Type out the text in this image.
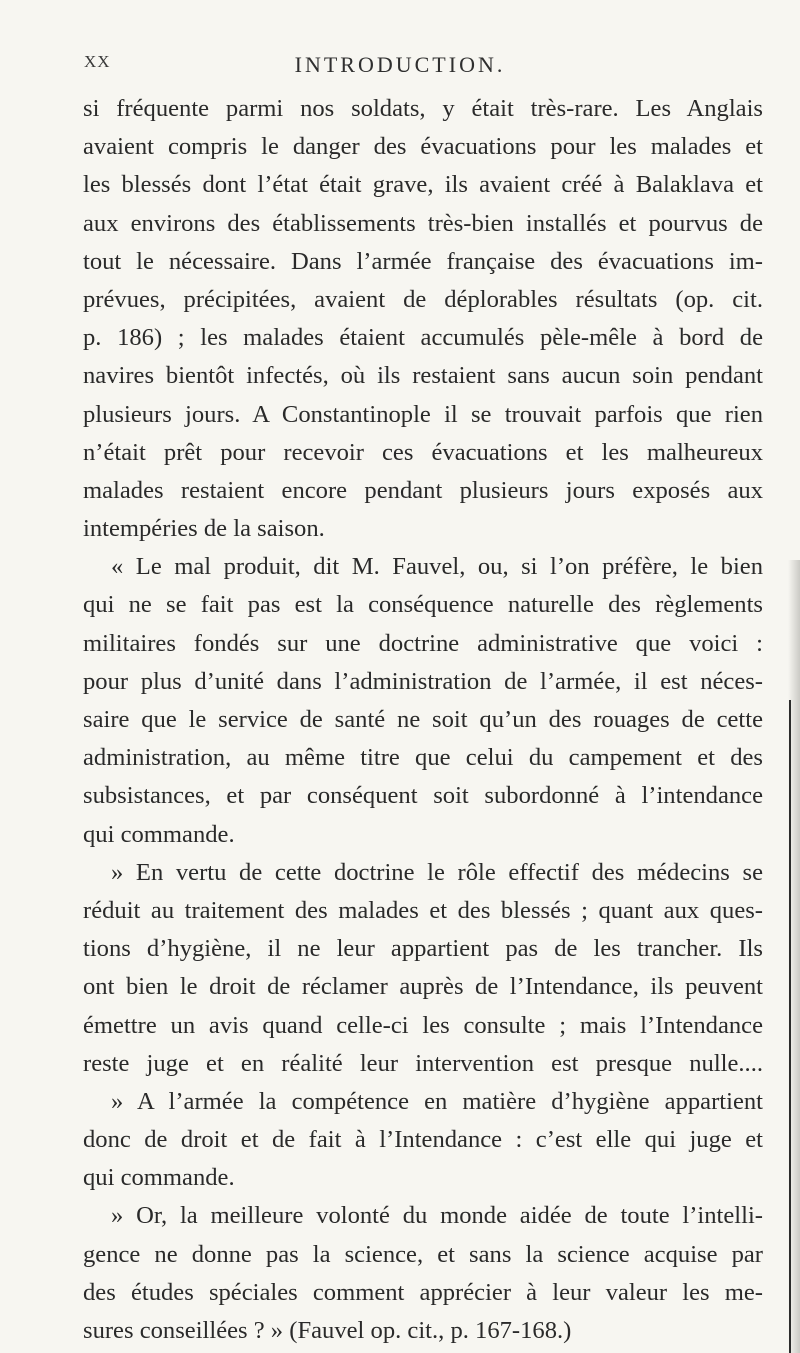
XX	INTRODUCTION.
si fréquente parmi nos soldats, y était très-rare. Les Anglais
avaient compris le danger des évacuations pour les malades et
les blessés dont l’état était grave, ils avaient créé à Balaklava et
aux environs des établissements très-bien installés et pourvus de
tout le nécessaire. Dans l’armée française des évacuations im-
prévues, précipitées, avaient de déplorables résultats (op. cit.
p. 186) ; les malades étaient accumulés pèle-mêle à bord de
navires bientôt infectés, où ils restaient sans aucun soin pendant
plusieurs jours. A Constantinople il se trouvait parfois que rien
n’était prêt pour recevoir ces évacuations et les malheureux
malades restaient encore pendant plusieurs jours exposés aux
intempéries de la saison.
« Le mal produit, dit M. Fauvel, ou, si l’on préfère, le bien
qui ne se fait pas est la conséquence naturelle des règlements
militaires fondés sur une doctrine administrative que voici :
pour plus d’unité dans l’administration de l’armée, il est néces-
saire que le service de santé ne soit qu’un des rouages de cette
administration, au même titre que celui du campement et des
subsistances, et par conséquent soit subordonné à l’intendance
qui commande.
» En vertu de cette doctrine le rôle effectif des médecins se
réduit au traitement des malades et des blessés ; quant aux ques-
tions d’hygiène, il ne leur appartient pas de les trancher. Ils
ont bien le droit de réclamer auprès de l’Intendance, ils peuvent
émettre un avis quand celle-ci les consulte ; mais l’Intendance
reste juge et en réalité leur intervention est presque nulle....
» A l’armée la compétence en matière d’hygiène appartient
donc de droit et de fait à l’Intendance : c’est elle qui juge et
qui commande.
» Or, la meilleure volonté du monde aidée de toute l’intelli-
gence ne donne pas la science, et sans la science acquise par
des études spéciales comment apprécier à leur valeur les me-
sures conseillées ? » (Fauvel op. cit., p. 167-168.)
